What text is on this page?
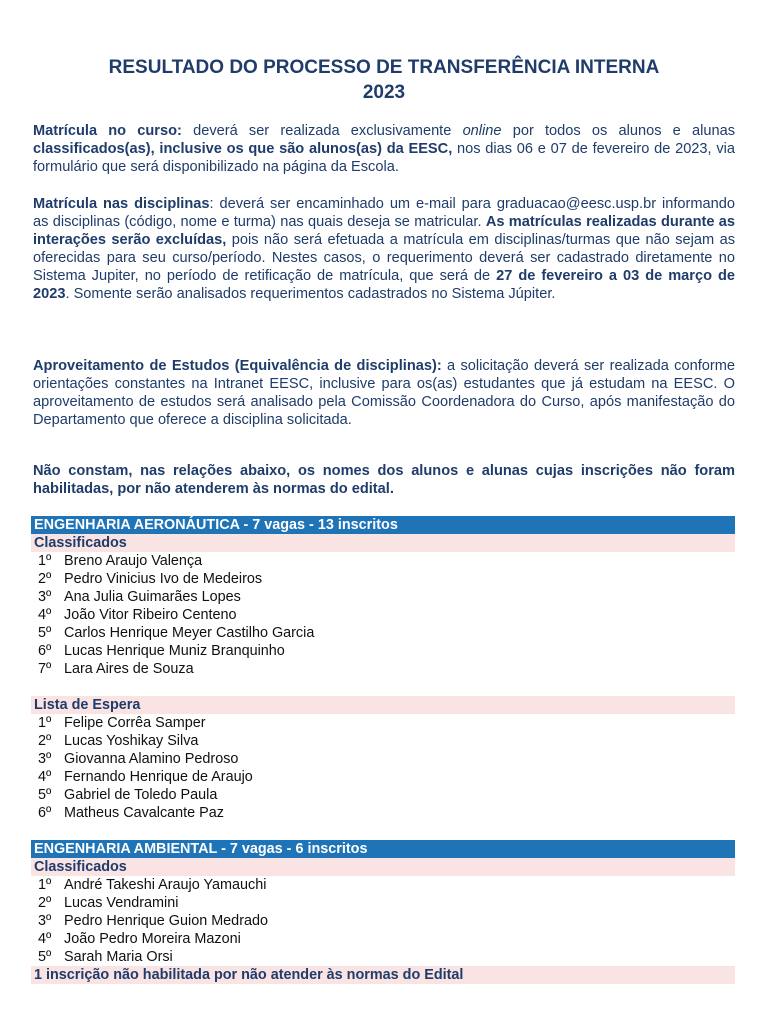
RESULTADO DO PROCESSO DE TRANSFERÊNCIA INTERNA

2023

Matrícula no curso: deverá ser realizada exclusivamente online por todos os alunos e alunas classificados(as), inclusive os que são alunos(as) da EESC, nos dias 06 e 07 de fevereiro de 2023, via formulário que será disponibilizado na página da Escola.

Matrícula nas disciplinas: deverá ser encaminhado um e-mail para graduacao@eesc.usp.br informando as disciplinas (código, nome e turma) nas quais deseja se matricular. As matrículas realizadas durante as interações serão excluídas, pois não será efetuada a matrícula em disciplinas/turmas que não sejam as oferecidas para seu curso/período. Nestes casos, o requerimento deverá ser cadastrado diretamente no Sistema Jupiter, no período de retificação de matrícula, que será de 27 de fevereiro a 03 de março de 2023. Somente serão analisados requerimentos cadastrados no Sistema Júpiter.

Aproveitamento de Estudos (Equivalência de disciplinas): a solicitação deverá ser realizada conforme orientações constantes na Intranet EESC, inclusive para os(as) estudantes que já estudam na EESC. O aproveitamento de estudos será analisado pela Comissão Coordenadora do Curso, após manifestação do Departamento que oferece a disciplina solicitada.

Não constam, nas relações abaixo, os nomes dos alunos e alunas cujas inscrições não foram habilitadas, por não atenderem às normas do edital.

ENGENHARIA AERONÁUTICA - 7 vagas - 13 inscritos
Classificados
1º Breno Araujo Valença
2º Pedro Vinicius Ivo de Medeiros
3º Ana Julia Guimarães Lopes
4º João Vitor Ribeiro Centeno
5º Carlos Henrique Meyer Castilho Garcia
6º Lucas Henrique Muniz Branquinho
7º Lara Aires de Souza
Lista de Espera
1º Felipe Corrêa Samper
2º Lucas Yoshikay Silva
3º Giovanna Alamino Pedroso
4º Fernando Henrique de Araujo
5º Gabriel de Toledo Paula
6º Matheus Cavalcante Paz
ENGENHARIA AMBIENTAL - 7 vagas - 6 inscritos
Classificados
1º André Takeshi Araujo Yamauchi
2º Lucas Vendramini
3º Pedro Henrique Guion Medrado
4º João Pedro Moreira Mazoni
5º Sarah Maria Orsi
1 inscrição não habilitada por não atender às normas do Edital
